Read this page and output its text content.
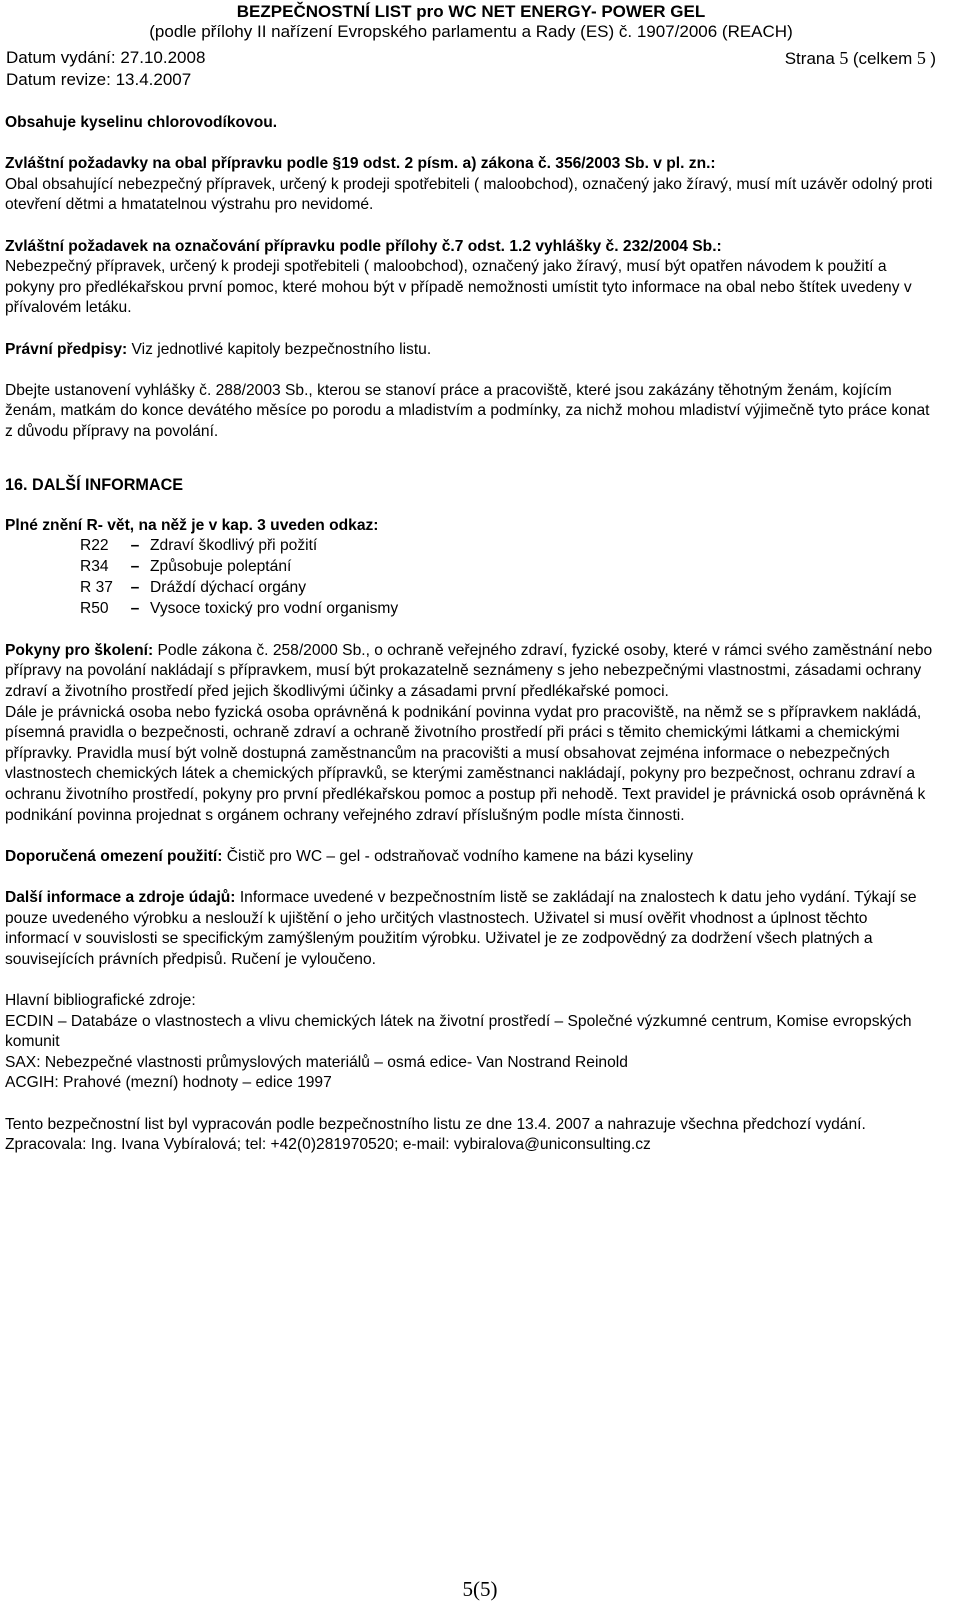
BEZPEČNOSTNÍ LIST pro WC NET ENERGY- POWER GEL
(podle přílohy II nařízení Evropského parlamentu a Rady (ES) č. 1907/2006 (REACH)
Datum vydání: 27.10.2008	Strana 5 (celkem 5 )
Datum revize: 13.4.2007

Obsahuje kyselinu chlorovodíkovou.

Zvláštní požadavky na obal přípravku podle §19 odst. 2 písm. a) zákona č. 356/2003 Sb. v pl. zn.:

Obal obsahující nebezpečný přípravek, určený k prodeji spotřebiteli ( maloobchod), označený jako žíravý, musí mít uzávěr odolný proti otevření dětmi a hmatatelnou výstrahu pro nevidomé.

Zvláštní požadavek na označování přípravku podle přílohy č.7 odst. 1.2 vyhlášky č. 232/2004 Sb.:

Nebezpečný přípravek, určený k prodeji spotřebiteli ( maloobchod), označený jako žíravý, musí být opatřen návodem k použití a pokyny pro předlékařskou první pomoc, které mohou být v případě nemožnosti umístit tyto informace na obal nebo štítek uvedeny v přívalovém letáku.

Právní předpisy: Viz jednotlivé kapitoly bezpečnostního listu.

Dbejte ustanovení vyhlášky č. 288/2003 Sb., kterou se stanoví práce a pracoviště, které jsou zakázány těhotným ženám, kojícím ženám, matkám do konce devátého měsíce po porodu a mladistvím a podmínky, za nichž mohou mladiství výjimečně tyto práce konat z důvodu přípravy na povolání.

16. DALŠÍ INFORMACE

Plné znění R- vět, na něž je v kap. 3 uveden odkaz:

R22	– Zdraví škodlivý při požití
R34	– Způsobuje poleptání
R 37	– Dráždí dýchací orgány
R50	– Vysoce toxický pro vodní organismy

Pokyny pro školení: Podle zákona č. 258/2000 Sb., o ochraně veřejného zdraví, fyzické osoby, které v rámci svého zaměstnání nebo přípravy na povolání nakládají s přípravkem, musí být prokazatelně seznámeny s jeho nebezpečnými vlastnostmi, zásadami ochrany zdraví a životního prostředí před jejich škodlivými účinky a zásadami první předlékařské pomoci.

Dále je právnická osoba nebo fyzická osoba oprávněná k podnikání povinna vydat pro pracoviště, na němž se s přípravkem nakládá, písemná pravidla o bezpečnosti, ochraně zdraví a ochraně životního prostředí při práci s těmito chemickými látkami a chemickými přípravky. Pravidla musí být volně dostupná zaměstnancům na pracovišti a musí obsahovat zejména informace o nebezpečných vlastnostech chemických látek a chemických přípravků, se kterými zaměstnanci nakládají, pokyny pro bezpečnost, ochranu zdraví a ochranu životního prostředí, pokyny pro první předlékařskou pomoc a postup při nehodě. Text pravidel je právnická osob oprávněná k podnikání povinna projednat s orgánem ochrany veřejného zdraví příslušným podle místa činnosti.

Doporučená omezení použití: Čistič pro WC – gel - odstraňovač vodního kamene na bázi kyseliny

Další informace a zdroje údajů: Informace uvedené v bezpečnostním listě se zakládají na znalostech k datu jeho vydání. Týkají se pouze uvedeného výrobku a neslouží k ujištění o jeho určitých vlastnostech. Uživatel si musí ověřit vhodnost a úplnost těchto informací v souvislosti se specifickým zamýšleným použitím výrobku. Uživatel je ze zodpovědný za dodržení všech platných a souvisejících právních předpisů. Ručení je vyloučeno.

Hlavní bibliografické zdroje:

ECDIN – Databáze o vlastnostech a vlivu chemických látek na životní prostředí – Společné výzkumné centrum, Komise evropských komunit

SAX: Nebezpečné vlastnosti průmyslových materiálů – osmá edice- Van Nostrand Reinold

ACGIH: Prahové (mezní) hodnoty – edice 1997

Tento bezpečnostní list byl vypracován podle bezpečnostního listu ze dne 13.4. 2007 a nahrazuje všechna předchozí vydání.

Zpracovala: Ing. Ivana Vybíralová; tel: +42(0)281970520; e-mail: vybiralova@uniconsulting.cz

5(5)
